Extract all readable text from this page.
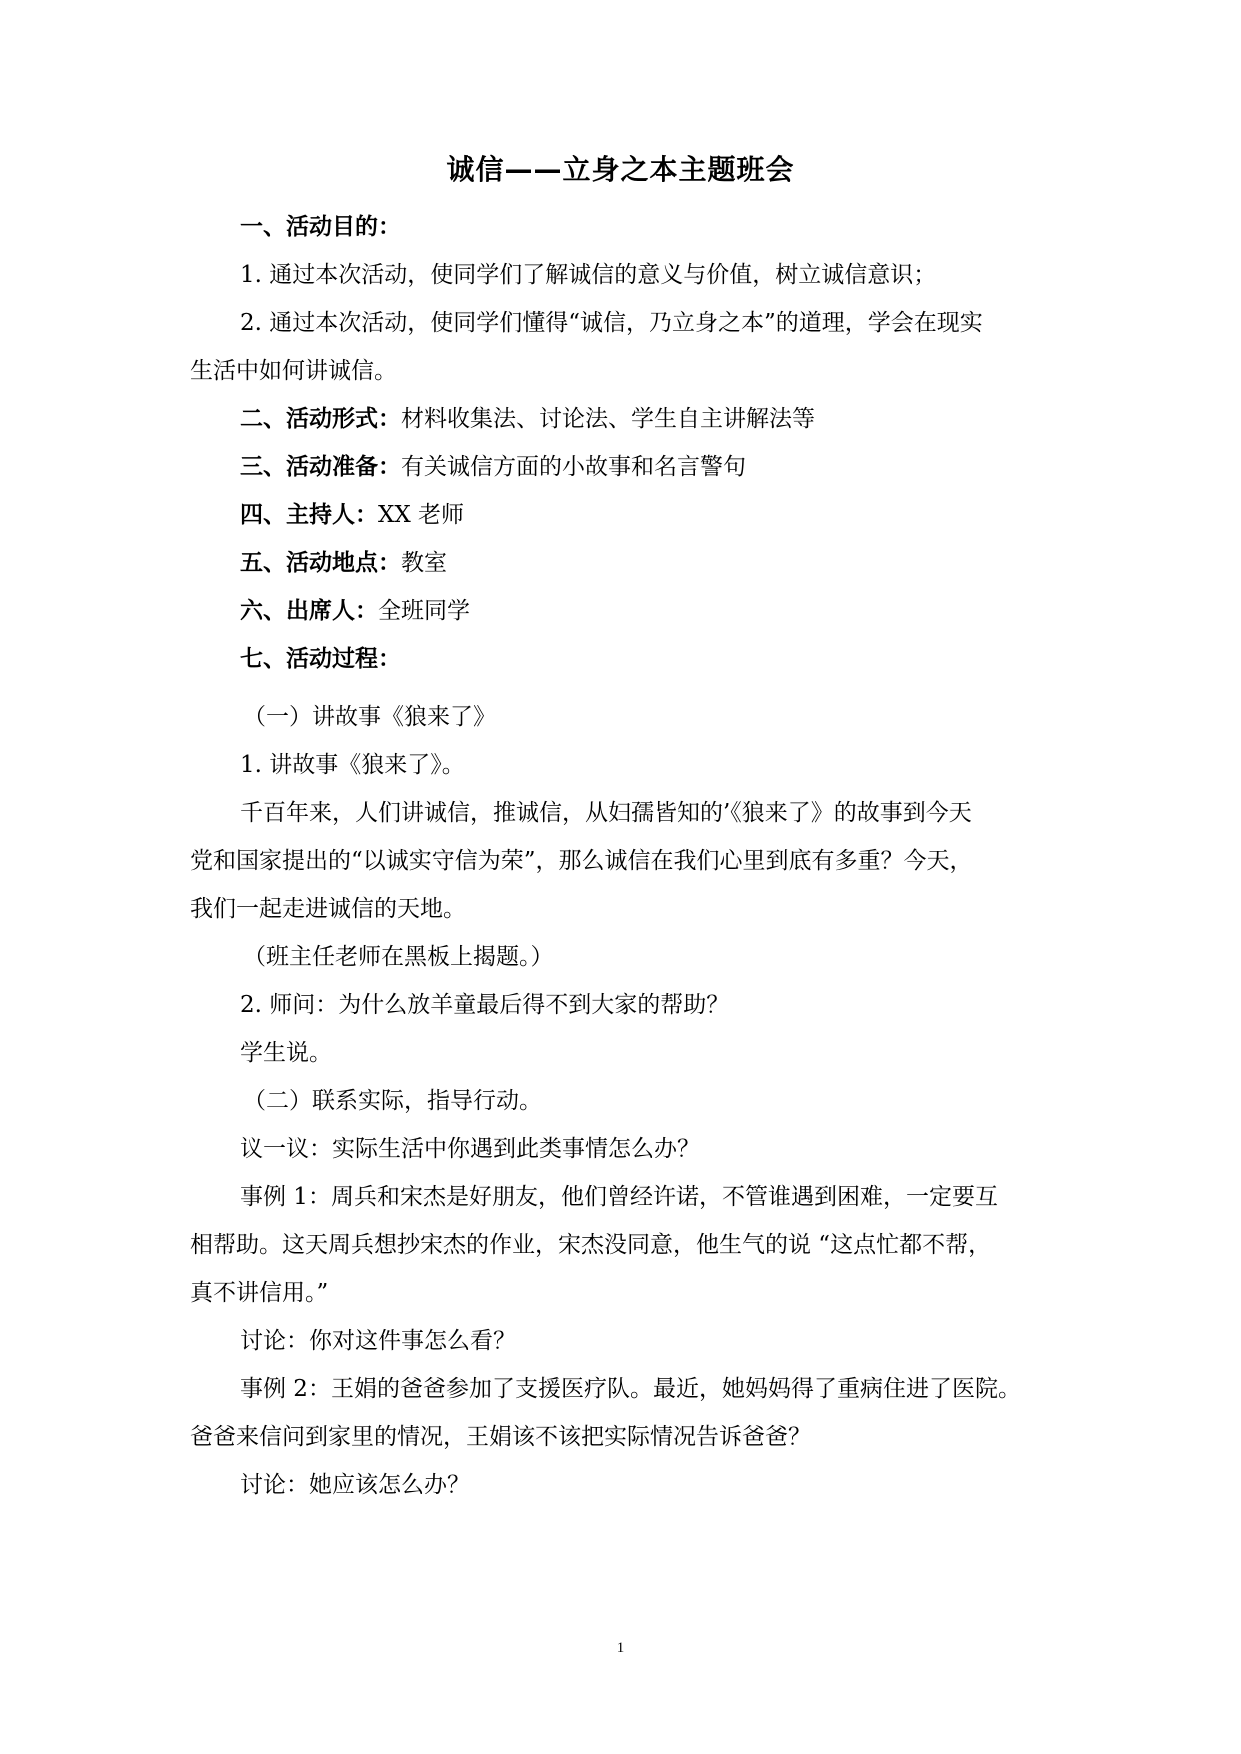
诚信——立身之本主题班会
一、活动目的：
1. 通过本次活动，使同学们了解诚信的意义与价值，树立诚信意识；
2. 通过本次活动，使同学们懂得“诚信，乃立身之本”的道理，学会在现实
生活中如何讲诚信。
二、活动形式：材料收集法、讨论法、学生自主讲解法等
三、活动准备：有关诚信方面的小故事和名言警句
四、主持人：XX 老师
五、活动地点：教室
六、出席人：全班同学
七、活动过程：
（一）讲故事《狼来了》
1. 讲故事《狼来了》。
千百年来，人们讲诚信，推诚信，从妇孺皆知的’《狼来了》的故事到今天
党和国家提出的“以诚实守信为荣”，那么诚信在我们心里到底有多重？今天，
我们一起走进诚信的天地。
（班主任老师在黑板上揭题。）
2. 师问：为什么放羊童最后得不到大家的帮助？
学生说。
（二）联系实际，指导行动。
议一议：实际生活中你遇到此类事情怎么办？
事例 1：周兵和宋杰是好朋友，他们曾经许诺，不管谁遇到困难，一定要互
相帮助。这天周兵想抄宋杰的作业，宋杰没同意，他生气的说 “这点忙都不帮，
真不讲信用。”
讨论：你对这件事怎么看？
事例 2：王娟的爸爸参加了支援医疗队。最近，她妈妈得了重病住进了医院。
爸爸来信问到家里的情况，王娟该不该把实际情况告诉爸爸？
讨论：她应该怎么办？
1
